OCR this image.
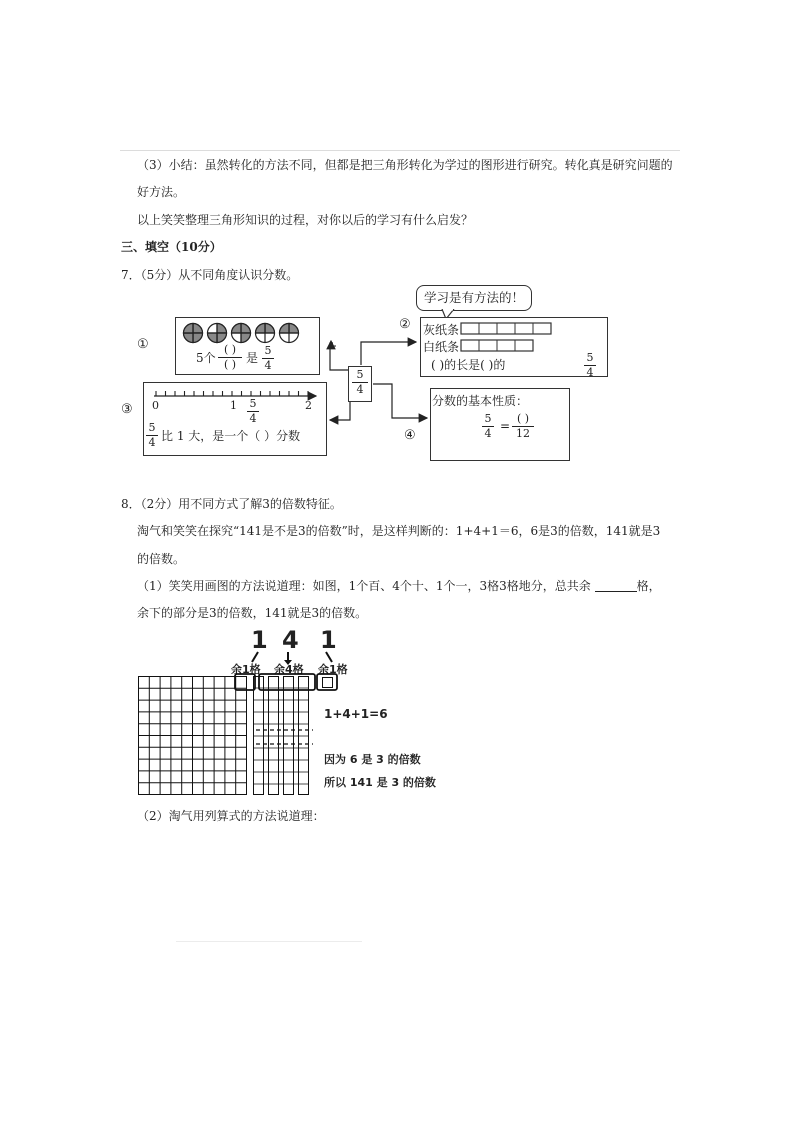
（3）小结：虽然转化的方法不同，但都是把三角形转化为学过的图形进行研究。转化真是研究问题的
好方法。
以上笑笑整理三角形知识的过程，对你以后的学习有什么启发？
三、填空（10分）
7．（5分）从不同角度认识分数。
5
4
①
5个
( )
( ) 是
5
4
学习是有方法的！
② 灰纸条
白纸条
( )的长是( )的
5
4
③ 0	1	2
5
4
5
4 比 1 大，是一个（ ）分数	④
分数的基本性质：
5
4
=
( )
12
8．（2分）用不同方式了解3的倍数特征。
淘气和笑笑在探究“141是不是3的倍数”时，是这样判断的：1+4+1＝6，6是3的倍数，141就是3
的倍数。
（1）笑笑用画图的方法说道理：如图，1个百、4个十、1个一，3格3格地分，总共余	格，
余下的部分是3的倍数，141就是3的倍数。
1 4 1
余1格 余4格 余1格
1+4+1=6
因为 6 是 3 的倍数
所以 141 是 3 的倍数
（2）淘气用列算式的方法说道理：
